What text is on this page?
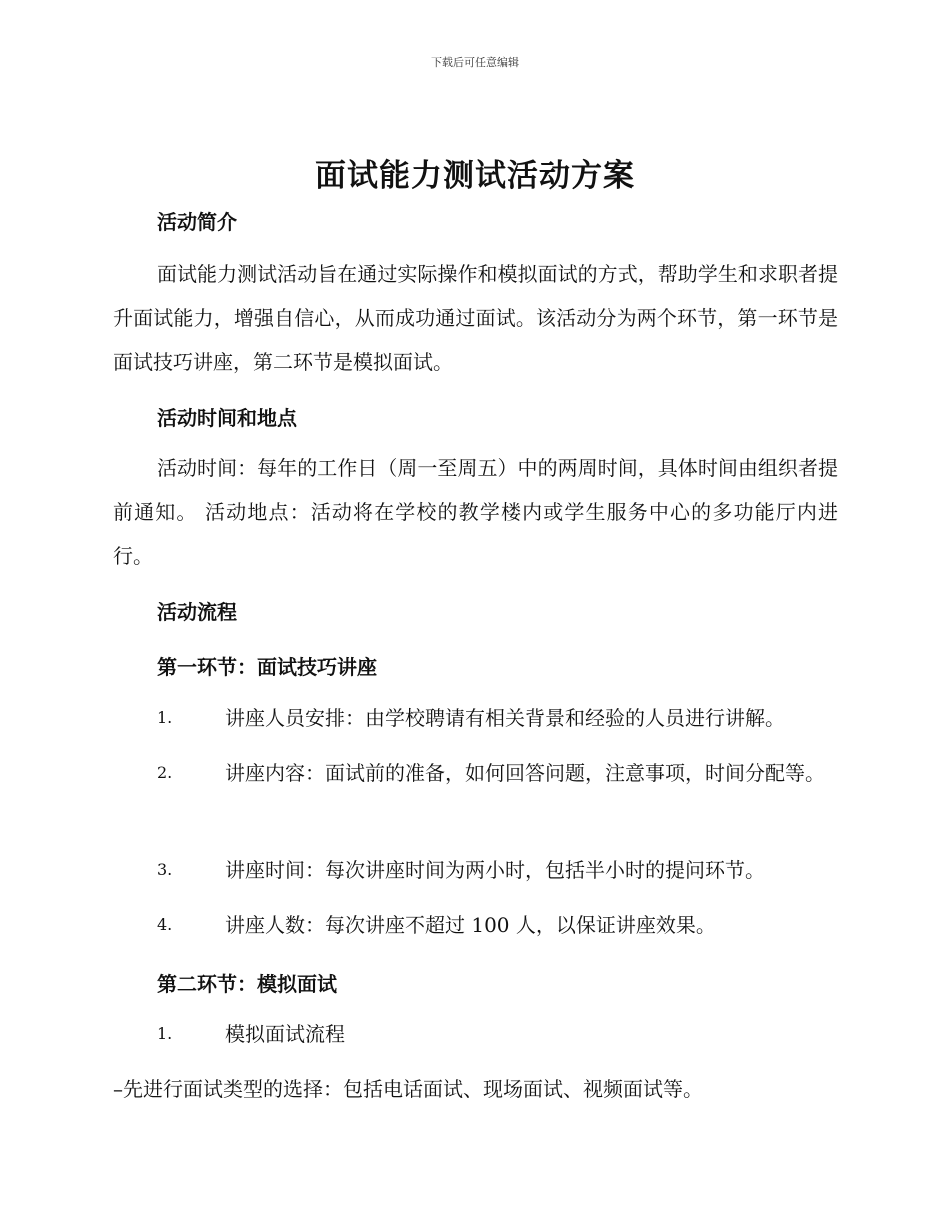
下载后可任意编辑
面试能力测试活动方案
活动简介
面试能力测试活动旨在通过实际操作和模拟面试的方式，帮助学生和求职者提升面试能力，增强自信心，从而成功通过面试。该活动分为两个环节，第一环节是面试技巧讲座，第二环节是模拟面试。
活动时间和地点
活动时间：每年的工作日（周一至周五）中的两周时间，具体时间由组织者提前通知。 活动地点：活动将在学校的教学楼内或学生服务中心的多功能厅内进行。
活动流程
第一环节：面试技巧讲座
1.	讲座人员安排：由学校聘请有相关背景和经验的人员进行讲解。
2.	讲座内容：面试前的准备，如何回答问题，注意事项，时间分配等。
3.	讲座时间：每次讲座时间为两小时，包括半小时的提问环节。
4.	讲座人数：每次讲座不超过 100 人，以保证讲座效果。
第二环节：模拟面试
1.	模拟面试流程
–先进行面试类型的选择：包括电话面试、现场面试、视频面试等。
